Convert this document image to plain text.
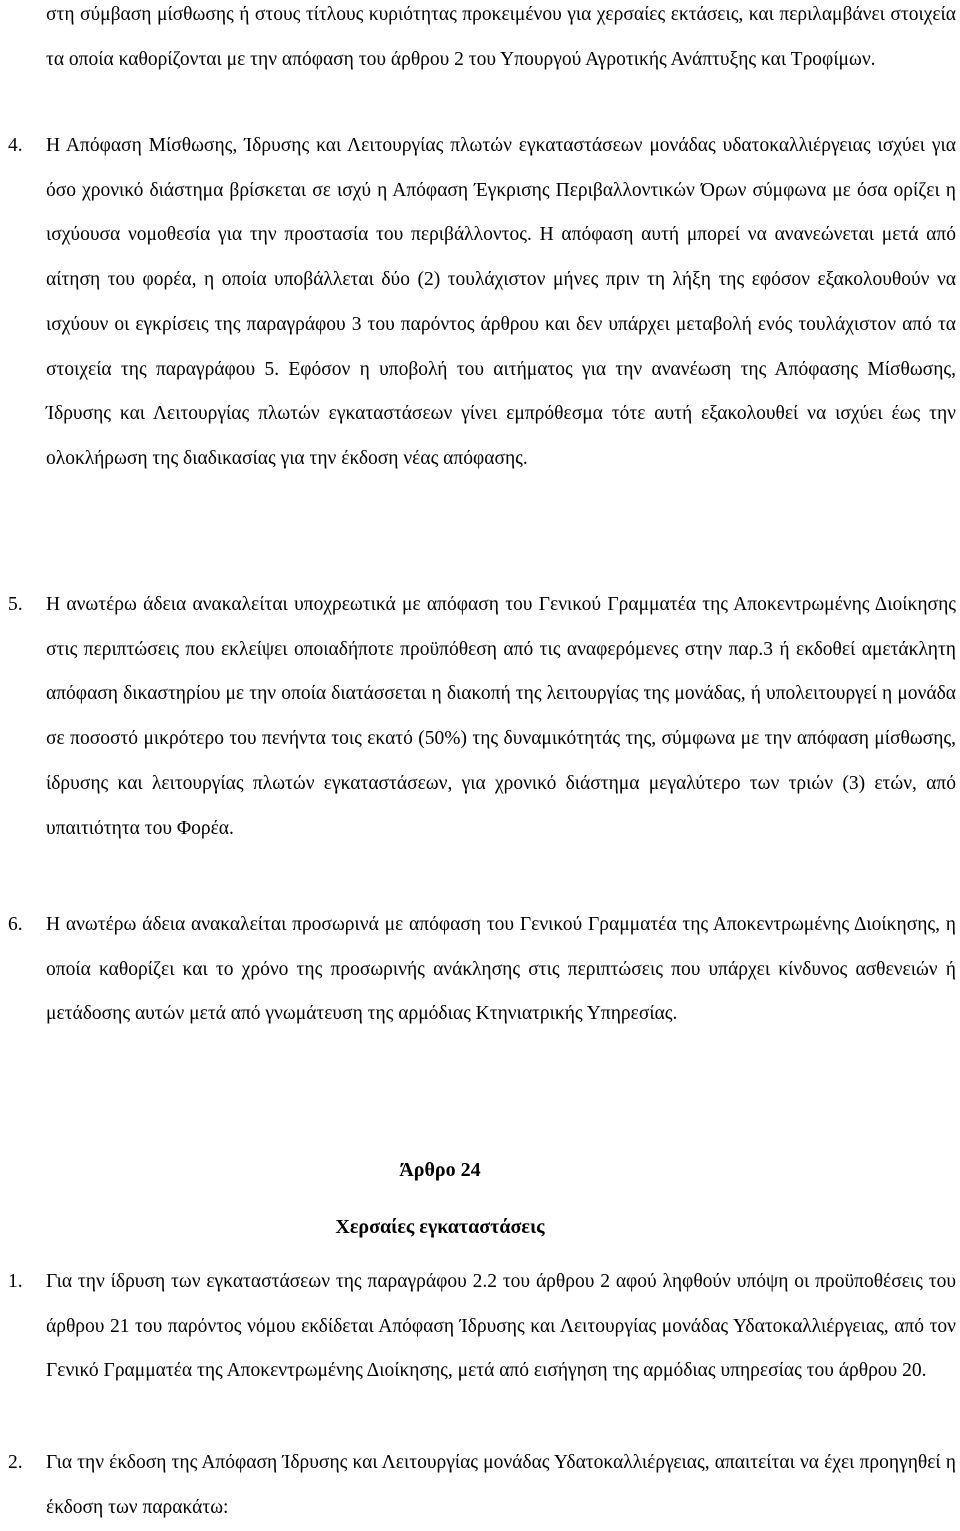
στη σύμβαση μίσθωσης ή στους τίτλους κυριότητας προκειμένου για χερσαίες εκτάσεις, και περιλαμβάνει στοιχεία τα οποία καθορίζονται με την απόφαση του άρθρου 2 του Υπουργού Αγροτικής Ανάπτυξης και Τροφίμων.

4. Η Απόφαση Μίσθωσης, Ίδρυσης και Λειτουργίας πλωτών εγκαταστάσεων μονάδας υδατοκαλλιέργειας ισχύει για όσο χρονικό διάστημα βρίσκεται σε ισχύ η Απόφαση Έγκρισης Περιβαλλοντικών Όρων σύμφωνα με όσα ορίζει η ισχύουσα νομοθεσία για την προστασία του περιβάλλοντος. Η απόφαση αυτή μπορεί να ανανεώνεται μετά από αίτηση του φορέα, η οποία υποβάλλεται δύο (2) τουλάχιστον μήνες πριν τη λήξη της εφόσον εξακολουθούν να ισχύουν οι εγκρίσεις της παραγράφου 3 του παρόντος άρθρου και δεν υπάρχει μεταβολή ενός τουλάχιστον από τα στοιχεία της παραγράφου 5. Εφόσον η υποβολή του αιτήματος για την ανανέωση της Απόφασης Μίσθωσης, Ίδρυσης και Λειτουργίας πλωτών εγκαταστάσεων γίνει εμπρόθεσμα τότε αυτή εξακολουθεί να ισχύει έως την ολοκλήρωση της διαδικασίας για την έκδοση νέας απόφασης.

5. Η ανωτέρω άδεια ανακαλείται υποχρεωτικά με απόφαση του Γενικού Γραμματέα της Αποκεντρωμένης Διοίκησης στις περιπτώσεις που εκλείψει οποιαδήποτε προϋπόθεση από τις αναφερόμενες στην παρ.3 ή εκδοθεί αμετάκλητη απόφαση δικαστηρίου με την οποία διατάσσεται η διακοπή της λειτουργίας της μονάδας, ή υπολειτουργεί η μονάδα σε ποσοστό μικρότερο του πενήντα τοις εκατό (50%) της δυναμικότητάς της, σύμφωνα με την απόφαση μίσθωσης, ίδρυσης και λειτουργίας πλωτών εγκαταστάσεων, για χρονικό διάστημα μεγαλύτερο των τριών (3) ετών, από υπαιτιότητα του Φορέα.

6. Η ανωτέρω άδεια ανακαλείται προσωρινά με απόφαση του Γενικού Γραμματέα της Αποκεντρωμένης Διοίκησης, η οποία καθορίζει και το χρόνο της προσωρινής ανάκλησης στις περιπτώσεις που υπάρχει κίνδυνος ασθενειών ή μετάδοσης αυτών μετά από γνωμάτευση της αρμόδιας Κτηνιατρικής Υπηρεσίας.

Άρθρο 24
Χερσαίες εγκαταστάσεις
1. Για την ίδρυση των εγκαταστάσεων της παραγράφου 2.2 του άρθρου 2 αφού ληφθούν υπόψη οι προϋποθέσεις του άρθρου 21 του παρόντος νόμου εκδίδεται Απόφαση Ίδρυσης και Λειτουργίας μονάδας Υδατοκαλλιέργειας, από τον Γενικό Γραμματέα της Αποκεντρωμένης Διοίκησης, μετά από εισήγηση της αρμόδιας υπηρεσίας του άρθρου 20.

2. Για την έκδοση της Απόφαση Ίδρυσης και Λειτουργίας μονάδας Υδατοκαλλιέργειας, απαιτείται να έχει προηγηθεί η έκδοση των παρακάτω:
